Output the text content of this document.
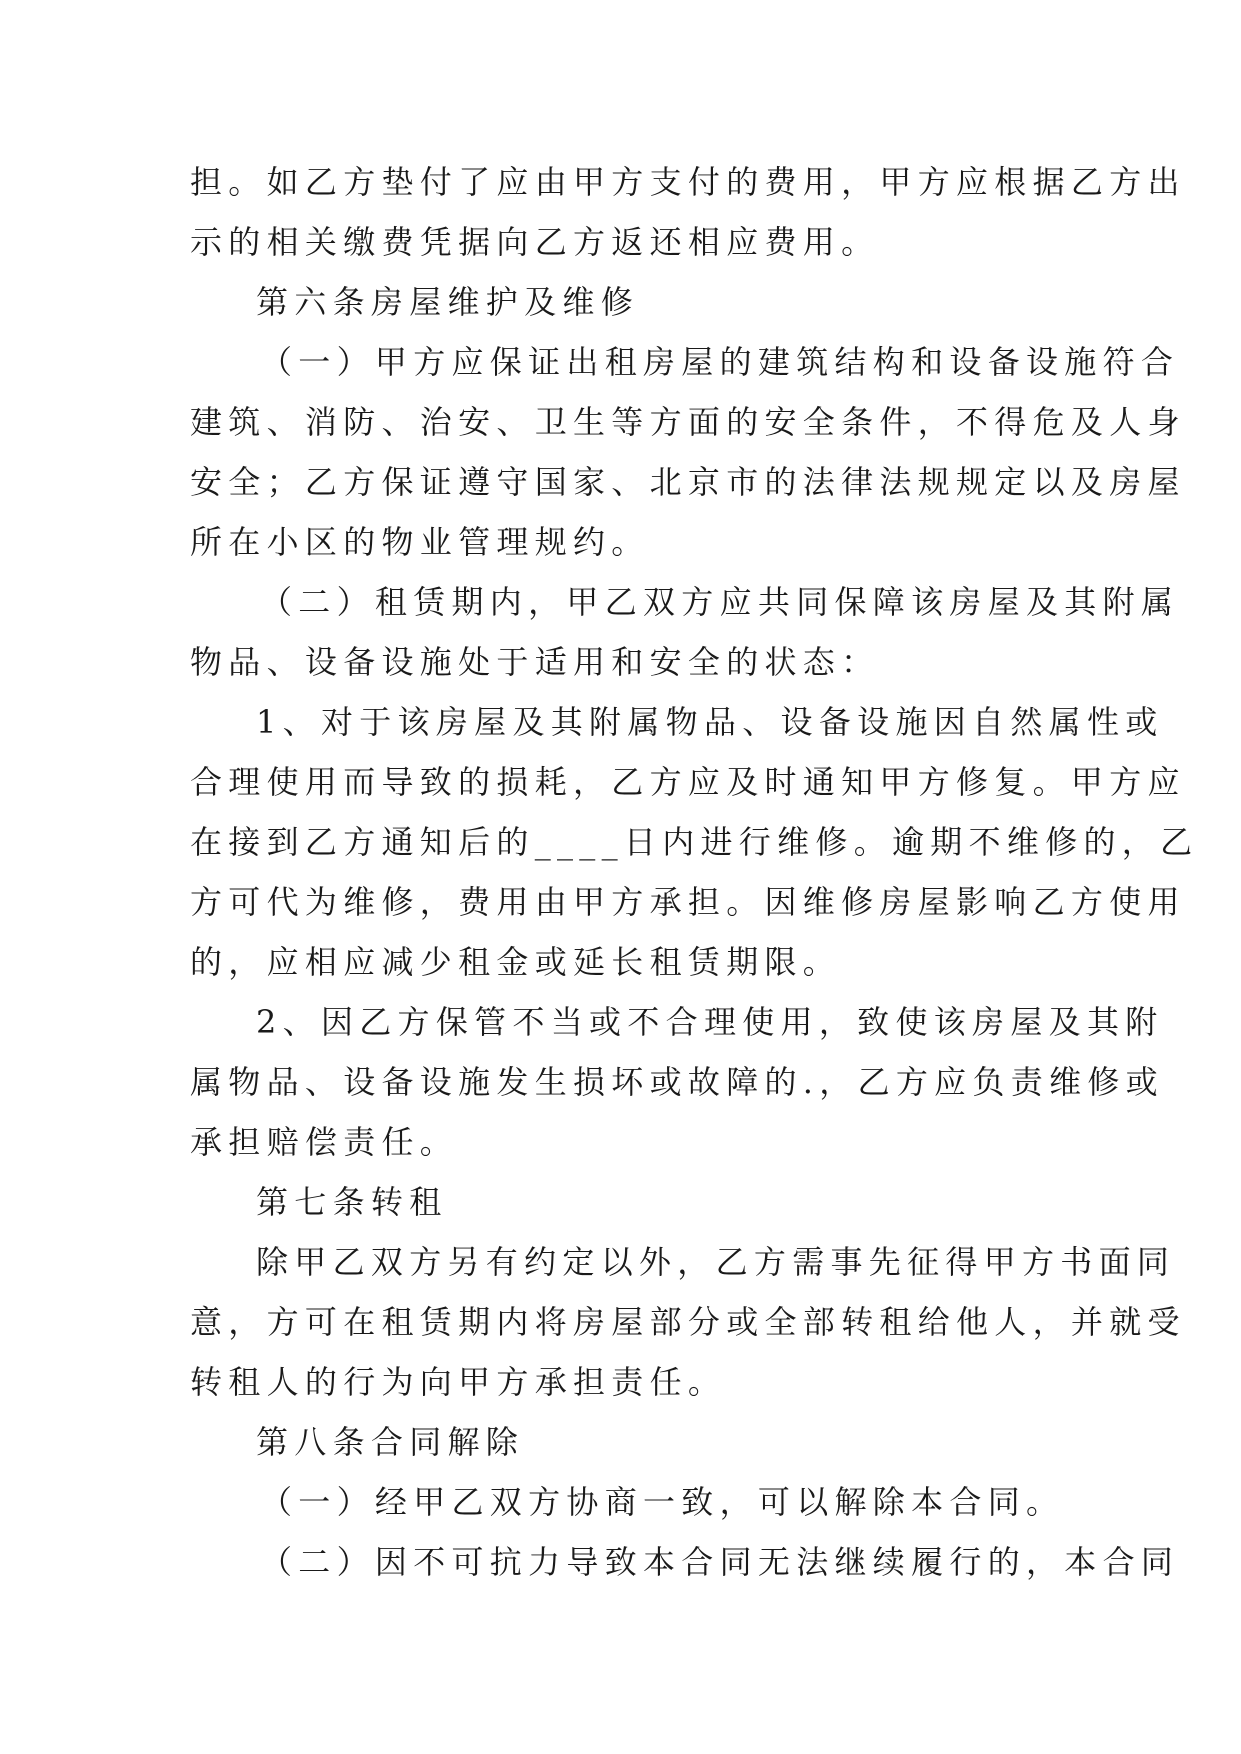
担。如乙方垫付了应由甲方支付的费用，甲方应根据乙方出
示的相关缴费凭据向乙方返还相应费用。
第六条房屋维护及维修
（一）甲方应保证出租房屋的建筑结构和设备设施符合
建筑、消防、治安、卫生等方面的安全条件，不得危及人身
安全；乙方保证遵守国家、北京市的法律法规规定以及房屋
所在小区的物业管理规约。
（二）租赁期内，甲乙双方应共同保障该房屋及其附属
物品、设备设施处于适用和安全的状态：
1、对于该房屋及其附属物品、设备设施因自然属性或
合理使用而导致的损耗，乙方应及时通知甲方修复。甲方应
在接到乙方通知后的____日内进行维修。逾期不维修的，乙
方可代为维修，费用由甲方承担。因维修房屋影响乙方使用
的，应相应减少租金或延长租赁期限。
2、因乙方保管不当或不合理使用，致使该房屋及其附
属物品、设备设施发生损坏或故障的.，乙方应负责维修或
承担赔偿责任。
第七条转租
除甲乙双方另有约定以外，乙方需事先征得甲方书面同
意，方可在租赁期内将房屋部分或全部转租给他人，并就受
转租人的行为向甲方承担责任。
第八条合同解除
（一）经甲乙双方协商一致，可以解除本合同。
（二）因不可抗力导致本合同无法继续履行的，本合同
